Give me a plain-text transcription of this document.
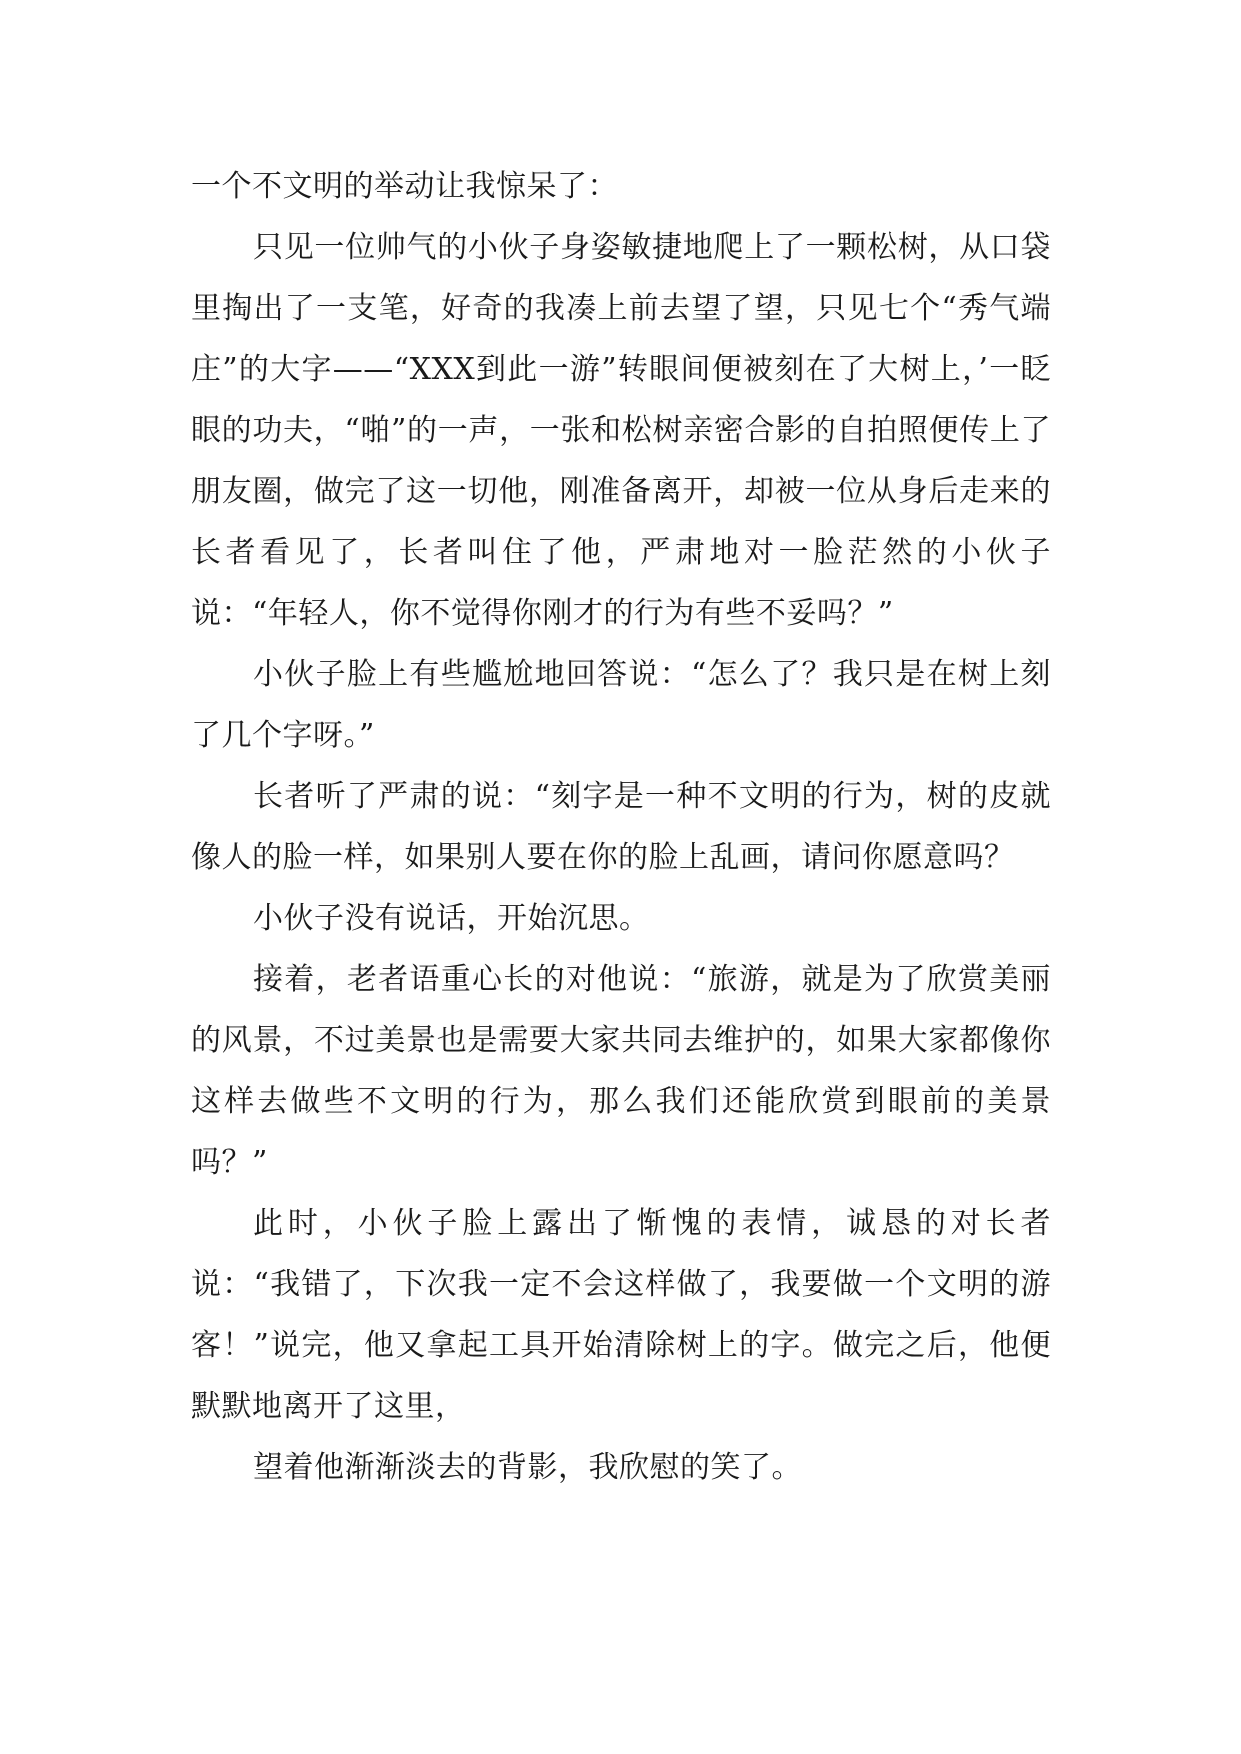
一个不文明的举动让我惊呆了：

只见一位帅气的小伙子身姿敏捷地爬上了一颗松树，从口袋里掏出了一支笔，好奇的我凑上前去望了望，只见七个“秀气端庄”的大字——“XXX到此一游”转眼间便被刻在了大树上，’一眨眼的功夫，“啪”的一声，一张和松树亲密合影的自拍照便传上了朋友圈，做完了这一切他，刚准备离开，却被一位从身后走来的长者看见了，长者叫住了他，严肃地对一脸茫然的小伙子说：“年轻人，你不觉得你刚才的行为有些不妥吗？”

小伙子脸上有些尴尬地回答说：“怎么了？我只是在树上刻了几个字呀。”

长者听了严肃的说：“刻字是一种不文明的行为，树的皮就像人的脸一样，如果别人要在你的脸上乱画，请问你愿意吗？

小伙子没有说话，开始沉思。

接着，老者语重心长的对他说：“旅游，就是为了欣赏美丽的风景，不过美景也是需要大家共同去维护的，如果大家都像你这样去做些不文明的行为，那么我们还能欣赏到眼前的美景吗？”

此时，小伙子脸上露出了惭愧的表情，诚恳的对长者说：“我错了，下次我一定不会这样做了，我要做一个文明的游客！”说完，他又拿起工具开始清除树上的字。做完之后，他便默默地离开了这里，

望着他渐渐淡去的背影，我欣慰的笑了。
